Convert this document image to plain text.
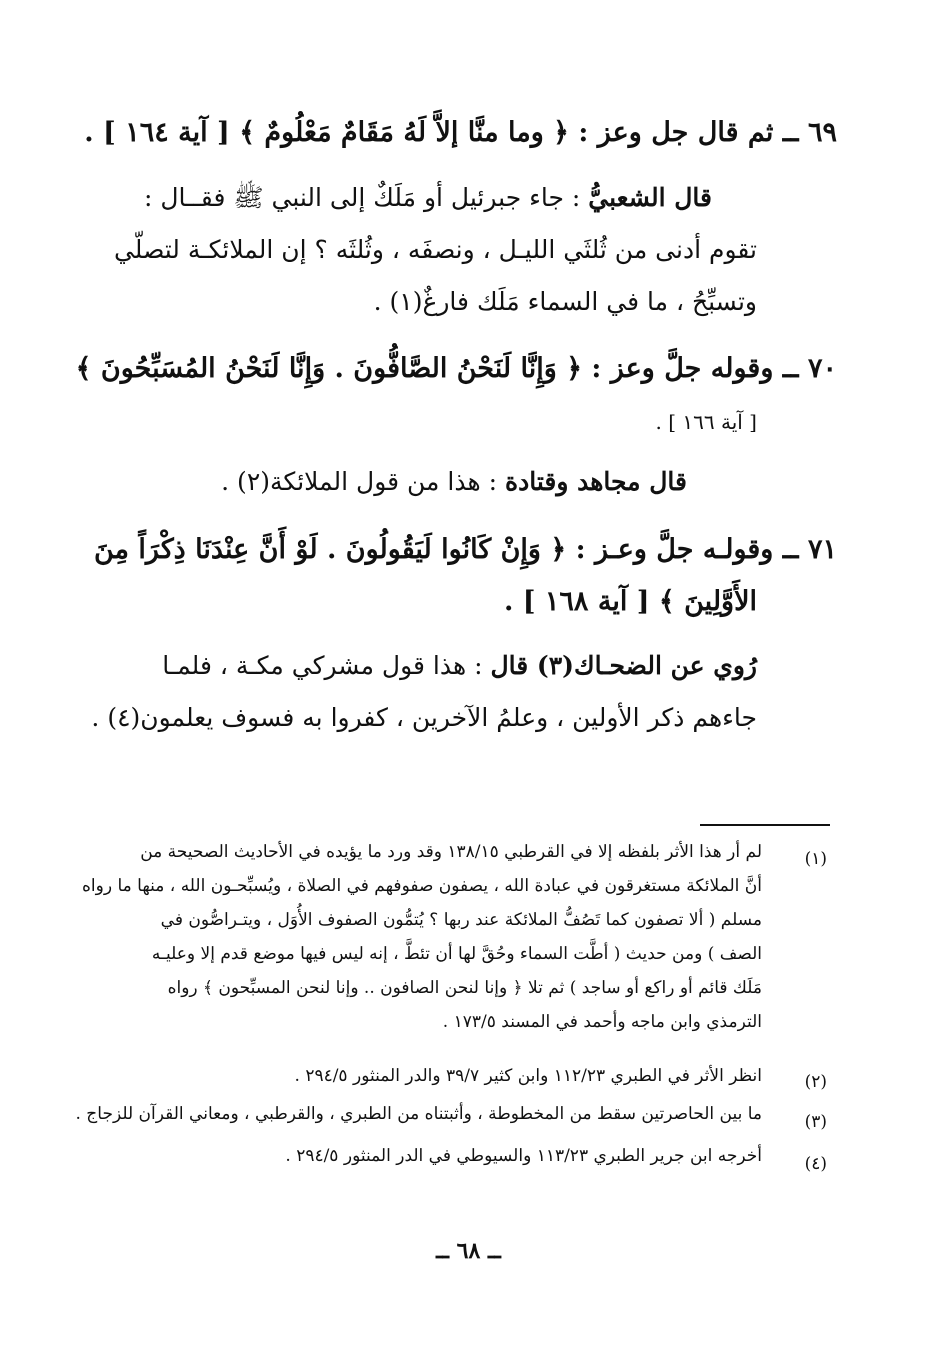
٦٩ ــ ثم قال جل وعز : ﴿ وما منَّا إلاَّ لَهُ مَقَامٌ مَعْلُومٌ ﴾ [ آية ١٦٤ ] .
قال الشعبيُّ : جاء جبرئيل أو مَلَكٌ إلى النبي ﷺ فقــال :
تقوم أدنى من ثُلثَي الليـل ، ونصفَه ، وثُلثَه ؟ إن الملائكـة لتصلّي
وتسبِّحُ ، ما في السماء مَلَك فارغٌ(١) .
٧٠ ــ وقوله جلَّ وعز : ﴿ وَإِنَّا لَنَحْنُ الصَّافُّونَ . وَإِنَّا لَنَحْنُ المُسَبِّحُونَ ﴾
[ آية ١٦٦ ] .
قال مجاهد وقتادة : هذا من قول الملائكة(٢) .
٧١ ــ وقولـه جلَّ وعـز : ﴿ وَإِنْ كَانُوا لَيَقُولُونَ . لَوْ أَنَّ عِنْدَنَا ذِكْرَاً مِنَ
الأَوَّلِينَ ﴾ [ آية ١٦٨ ] .
رُوي عن الضحـاك(٣) قال : هذا قول مشركي مكـة ، فلمـا
جاءهم ذكر الأولين ، وعلمُ الآخرين ، كفروا به فسوف يعلمون(٤) .
(١)
لم أر هذا الأثر بلفظه إلا في القرطبي ١٣٨/١٥ وقد ورد ما يؤيده في الأحاديث الصحيحة من
أنَّ الملائكة مستغرقون في عبادة الله ، يصفون صفوفهم في الصلاة ، ويُسبِّحـون الله ، منها ما رواه
مسلم ( ألا تصفون كما تَصُفُّ الملائكة عند ربها ؟ يُتمُّون الصفوف الأُوَل ، ويتـراصُّون في
الصف ) ومن حديث ( أطَّت السماء وحُقَّ لها أن تئطَّ ، إنه ليس فيها موضع قدم إلا وعليـه
مَلَك قائم أو راكع أو ساجد ) ثم تلا ﴿ وإنا لنحن الصافون .. وإنا لنحن المسبِّحون ﴾ رواه
الترمذي وابن ماجه وأحمد في المسند ١٧٣/٥ .
(٢)
انظر الأثر في الطبري ١١٢/٢٣ وابن كثير ٣٩/٧ والدر المنثور ٢٩٤/٥ .
(٣)
ما بين الحاصرتين سقط من المخطوطة ، وأثبتناه من الطبري ، والقرطبي ، ومعاني القرآن للزجاج .
(٤)
أخرجه ابن جرير الطبري ١١٣/٢٣ والسيوطي في الدر المنثور ٢٩٤/٥ .
ــ ٦٨ ــ
